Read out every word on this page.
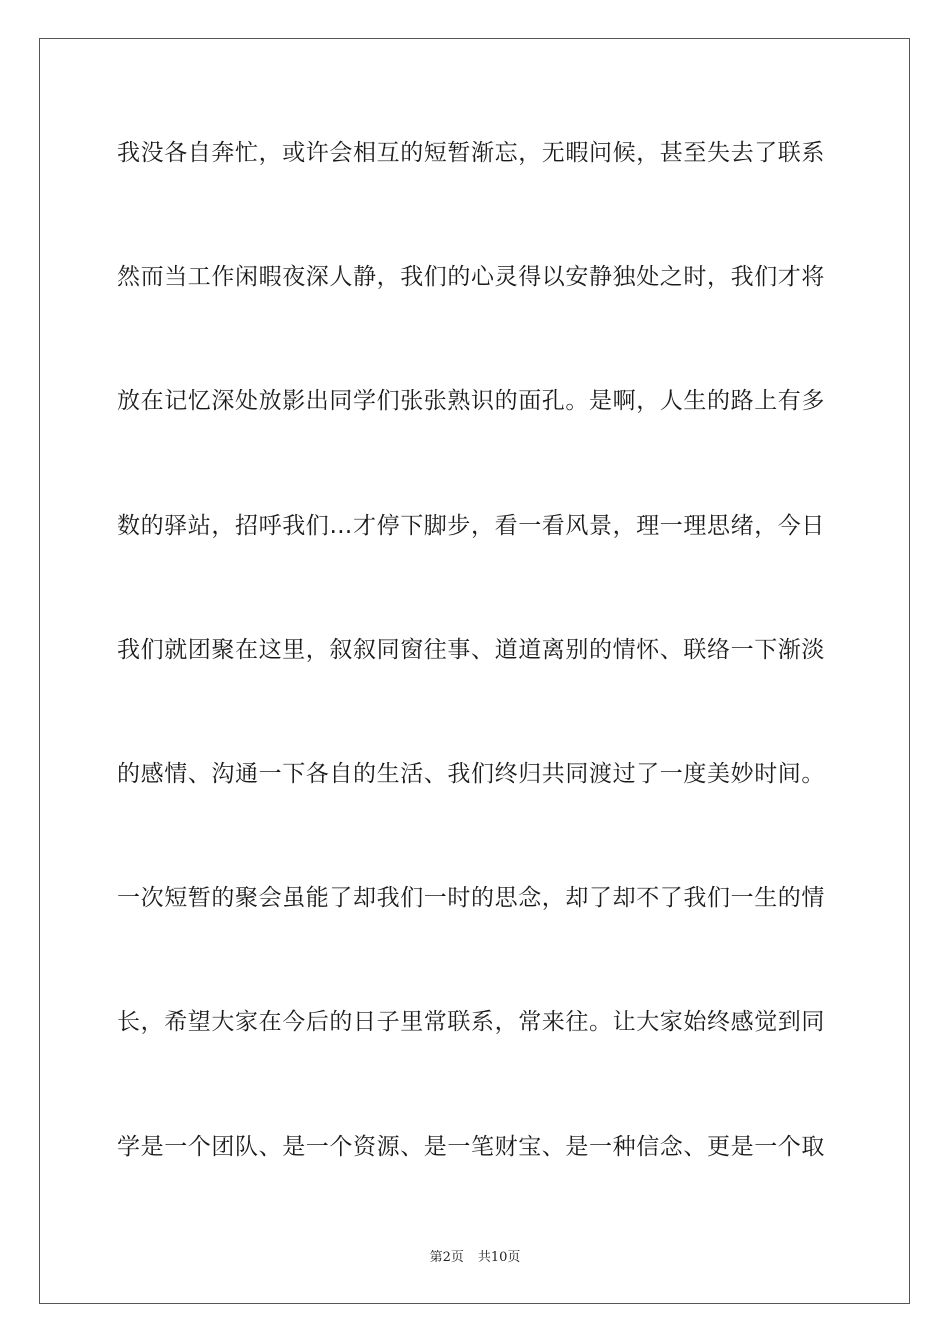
我没各自奔忙，或许会相互的短暂渐忘，无暇问候，甚至失去了联系
然而当工作闲暇夜深人静，我们的心灵得以安静独处之时，我们才将
放在记忆深处放影出同学们张张熟识的面孔。是啊，人生的路上有多
数的驿站，招呼我们…才停下脚步，看一看风景，理一理思绪，今日
我们就团聚在这里，叙叙同窗往事、道道离别的情怀、联络一下渐淡
的感情、沟通一下各自的生活、我们终归共同渡过了一度美妙时间。
一次短暂的聚会虽能了却我们一时的思念，却了却不了我们一生的情
长，希望大家在今后的日子里常联系，常来往。让大家始终感觉到同
学是一个团队、是一个资源、是一笔财宝、是一种信念、更是一个取
第2页 共10页
